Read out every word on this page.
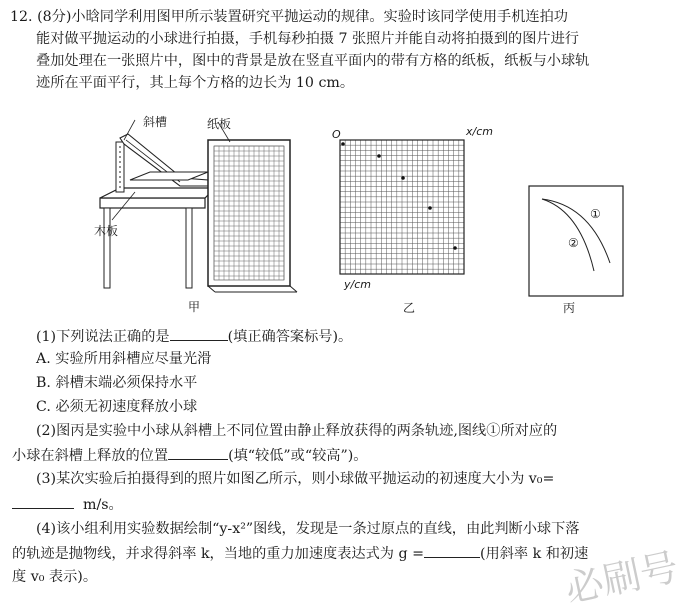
12. (8分)小晗同学利用图甲所示装置研究平抛运动的规律。实验时该同学使用手机连拍功
能对做平抛运动的小球进行拍摄，手机每秒拍摄 7 张照片并能自动将拍摄到的图片进行
叠加处理在一张照片中，图中的背景是放在竖直平面内的带有方格的纸板，纸板与小球轨
迹所在平面平行，其上每个方格的边长为 10 cm。
斜槽	纸板
木板
甲
O	x/cm
y/cm
乙
①
②
丙
(1)下列说法正确的是	(填正确答案标号)。
A. 实验所用斜槽应尽量光滑
B. 斜槽末端必须保持水平
C. 必须无初速度释放小球
(2)图丙是实验中小球从斜槽上不同位置由静止释放获得的两条轨迹,图线①所对应的
小球在斜槽上释放的位置	(填“较低”或“较高”)。
(3)某次实验后拍摄得到的照片如图乙所示，则小球做平抛运动的初速度大小为 v₀=
m/s。
(4)该小组利用实验数据绘制“y-x²”图线，发现是一条过原点的直线，由此判断小球下落
的轨迹是抛物线，并求得斜率 k，当地的重力加速度表达式为 g =	(用斜率 k 和初速
度 v₀ 表示)。	必刷号
